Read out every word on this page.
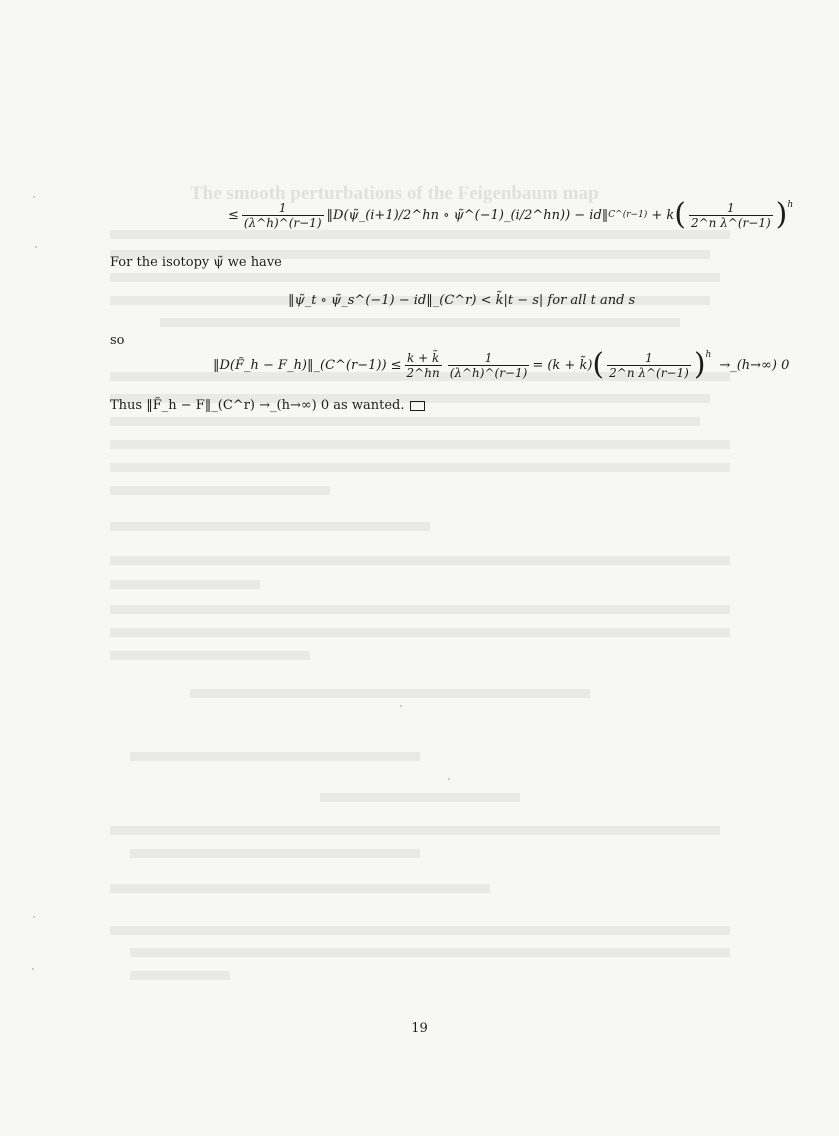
The smooth perturbations of the Feigenbaum map
≤ $\frac{1}{(\lambda\^{}h)\^{}(r-1)}$ ‖D(ψ̃_(i+1)/2^hn ∘ ψ̃^(−1)_(i/2^hn)) − id‖ C^(r−1) + k ( $\frac{1}{\text{2\textasciicircum{}n λ\textasciicircum{}(r−1)}}$ ) h
For the isotopy ψ̃ we have
‖ψ̃_t ∘ ψ̃_s^(−1) − id‖_(C^r) < k̃|t − s| for all t and s
so
‖D(F̃_h − F_h)‖_(C^(r−1)) ≤ $\frac{k + k̃}{2\^{}hn} \frac{1}{(\lambda\^{}h)\^{}(r-1)} = (k$ + k̃) ( $\frac{1}{\text{2\textasciicircum{}n λ\textasciicircum{}(r−1)}}$ ) h
→_(h→∞) 0
Thus ‖F̃_h − F‖_(C^r) →_(h→∞) 0 as wanted.
19
